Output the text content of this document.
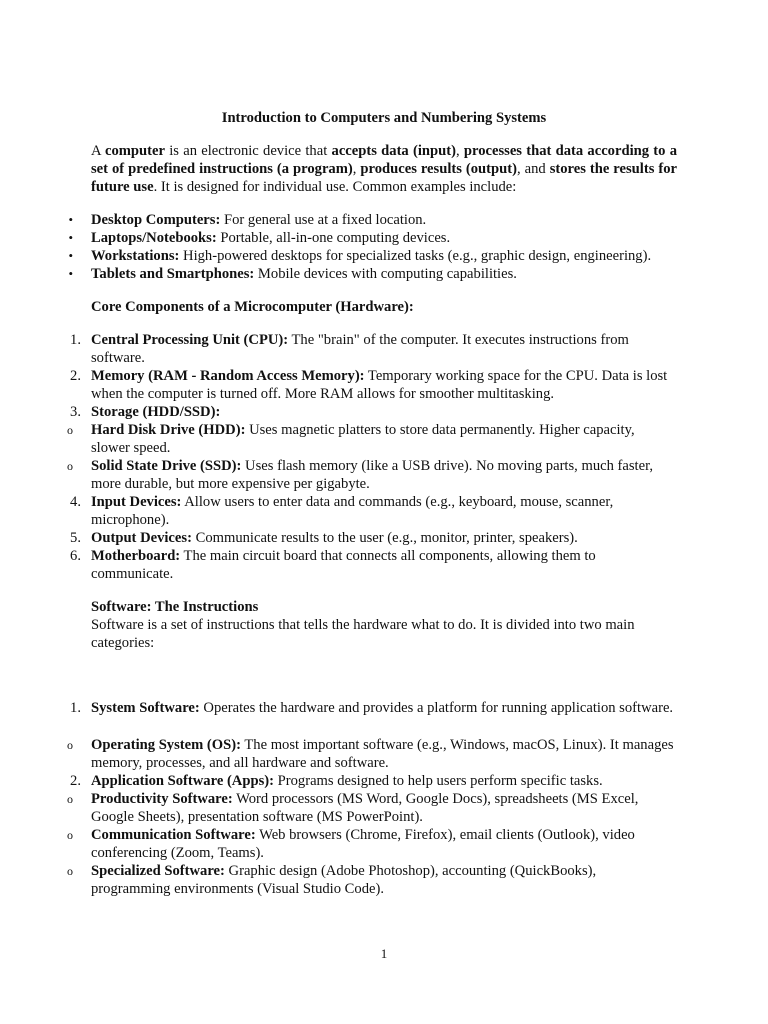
Introduction to Computers and Numbering Systems
A computer is an electronic device that accepts data (input), processes that data according to a set of predefined instructions (a program), produces results (output), and stores the results for future use. It is designed for individual use. Common examples include:
• Desktop Computers: For general use at a fixed location.
• Laptops/Notebooks: Portable, all-in-one computing devices.
• Workstations: High-powered desktops for specialized tasks (e.g., graphic design, engineering).
• Tablets and Smartphones: Mobile devices with computing capabilities.
Core Components of a Microcomputer (Hardware):
1. Central Processing Unit (CPU): The "brain" of the computer. It executes instructions from software.
2. Memory (RAM - Random Access Memory): Temporary working space for the CPU. Data is lost when the computer is turned off. More RAM allows for smoother multitasking.
3. Storage (HDD/SSD):
o Hard Disk Drive (HDD): Uses magnetic platters to store data permanently. Higher capacity, slower speed.
o Solid State Drive (SSD): Uses flash memory (like a USB drive). No moving parts, much faster, more durable, but more expensive per gigabyte.
4. Input Devices: Allow users to enter data and commands (e.g., keyboard, mouse, scanner, microphone).
5. Output Devices: Communicate results to the user (e.g., monitor, printer, speakers).
6. Motherboard: The main circuit board that connects all components, allowing them to communicate.
Software: The Instructions
Software is a set of instructions that tells the hardware what to do. It is divided into two main categories:
1. System Software: Operates the hardware and provides a platform for running application software.
o Operating System (OS): The most important software (e.g., Windows, macOS, Linux). It manages memory, processes, and all hardware and software.
2. Application Software (Apps): Programs designed to help users perform specific tasks.
o Productivity Software: Word processors (MS Word, Google Docs), spreadsheets (MS Excel, Google Sheets), presentation software (MS PowerPoint).
o Communication Software: Web browsers (Chrome, Firefox), email clients (Outlook), video conferencing (Zoom, Teams).
o Specialized Software: Graphic design (Adobe Photoshop), accounting (QuickBooks), programming environments (Visual Studio Code).
1
